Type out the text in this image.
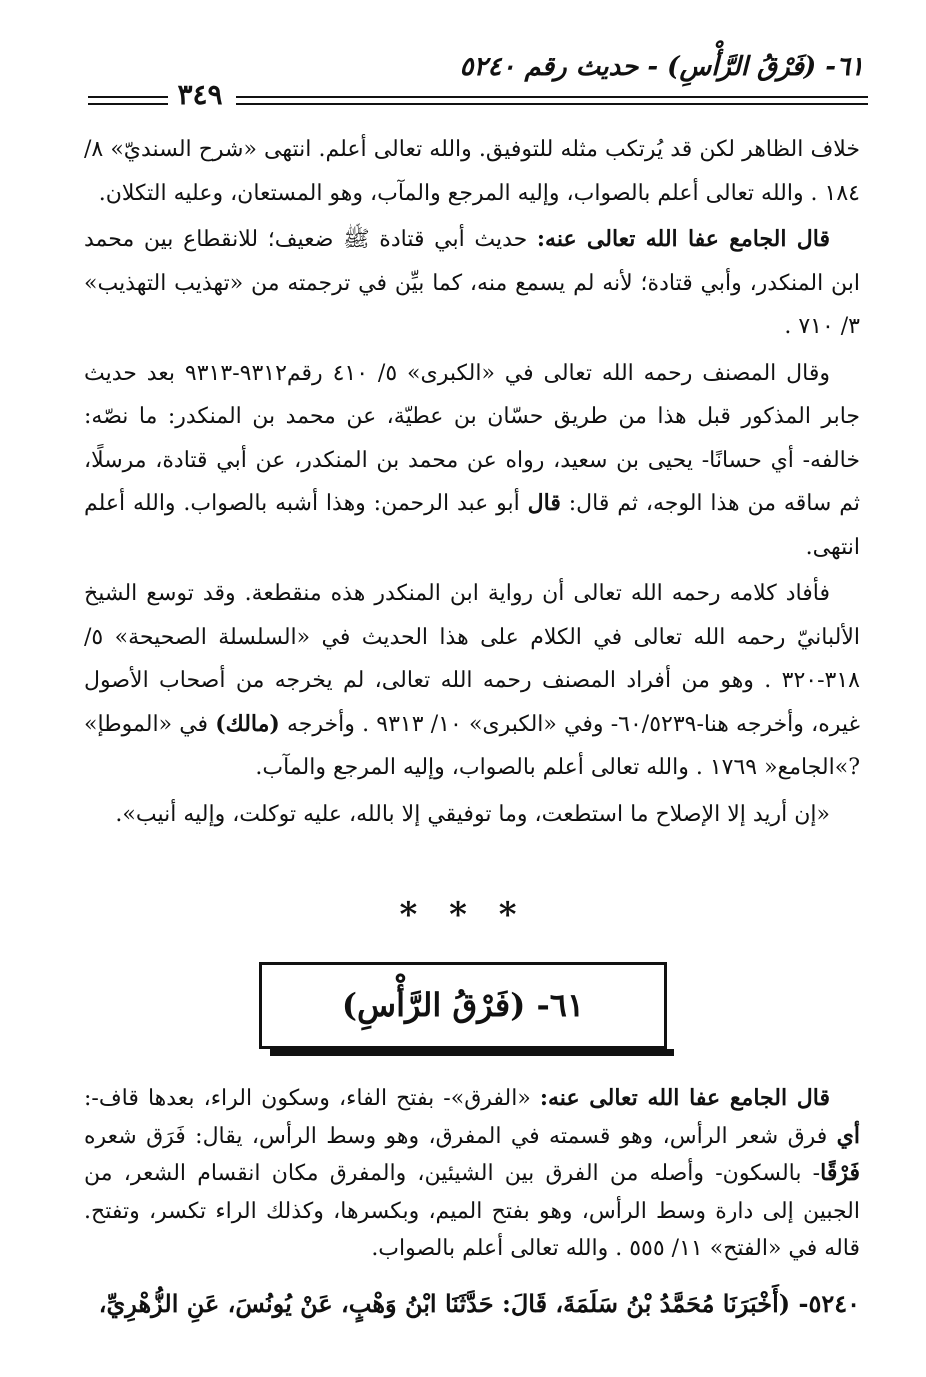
٦١- (فَرْقُ الرَّأْسِ) - حديث رقم ٥٢٤٠
٣٤٩

خلاف الظاهر لكن قد يُرتكب مثله للتوفيق. والله تعالى أعلم. انتهى «شرح السنديّ» ٨/ ١٨٤ . والله تعالى أعلم بالصواب، وإليه المرجع والمآب، وهو المستعان، وعليه التكلان.

قال الجامع عفا الله تعالى عنه: حديث أبي قتادة ﷺ ضعيف؛ للانقطاع بين محمد ابن المنكدر، وأبي قتادة؛ لأنه لم يسمع منه، كما بيِّن في ترجمته من «تهذيب التهذيب» ٣/ ٧١٠ .

وقال المصنف رحمه الله تعالى في «الكبرى» ٥/ ٤١٠ رقم٩٣١٢-٩٣١٣ بعد حديث جابر المذكور قبل هذا من طريق حسّان بن عطيّة، عن محمد بن المنكدر: ما نصّه: خالفه- أي حسانًا- يحيى بن سعيد، رواه عن محمد بن المنكدر، عن أبي قتادة، مرسلًا، ثم ساقه من هذا الوجه، ثم قال: قال أبو عبد الرحمن: وهذا أشبه بالصواب. والله أعلم انتهى.

فأفاد كلامه رحمه الله تعالى أن رواية ابن المنكدر هذه منقطعة. وقد توسع الشيخ الألبانيّ رحمه الله تعالى في الكلام على هذا الحديث في «السلسلة الصحيحة» ٥/ ٣١٨-٣٢٠ . وهو من أفراد المصنف رحمه الله تعالى، لم يخرجه من أصحاب الأصول غيره، وأخرجه هنا-٦٠/٥٢٣٩- وفي «الكبرى» ١٠/ ٩٣١٣ . وأخرجه (مالك) في «الموطإ» ?»الجامع« ١٧٦٩ . والله تعالى أعلم بالصواب، وإليه المرجع والمآب.

«إن أريد إلا الإصلاح ما استطعت، وما توفيقي إلا بالله، عليه توكلت، وإليه أنيب».

* * *
٦١- (فَرْقُ الرَّأْسِ)

قال الجامع عفا الله تعالى عنه: «الفرق»- بفتح الفاء، وسكون الراء، بعدها قاف-: أي فرق شعر الرأس، وهو قسمته في المفرق، وهو وسط الرأس، يقال: فَرَق شعره فَرْقًا- بالسكون- وأصله من الفرق بين الشيئين، والمفرق مكان انقسام الشعر، من الجبين إلى دارة وسط الرأس، وهو بفتح الميم، وبكسرها، وكذلك الراء تكسر، وتفتح. قاله في «الفتح» ١١/ ٥٥٥ . والله تعالى أعلم بالصواب.

٥٢٤٠- (أَخْبَرَنَا مُحَمَّدُ بْنُ سَلَمَةَ، قَالَ: حَدَّثَنَا ابْنُ وَهْبٍ، عَنْ يُونُسَ، عَنِ الزُّهْرِيِّ،
